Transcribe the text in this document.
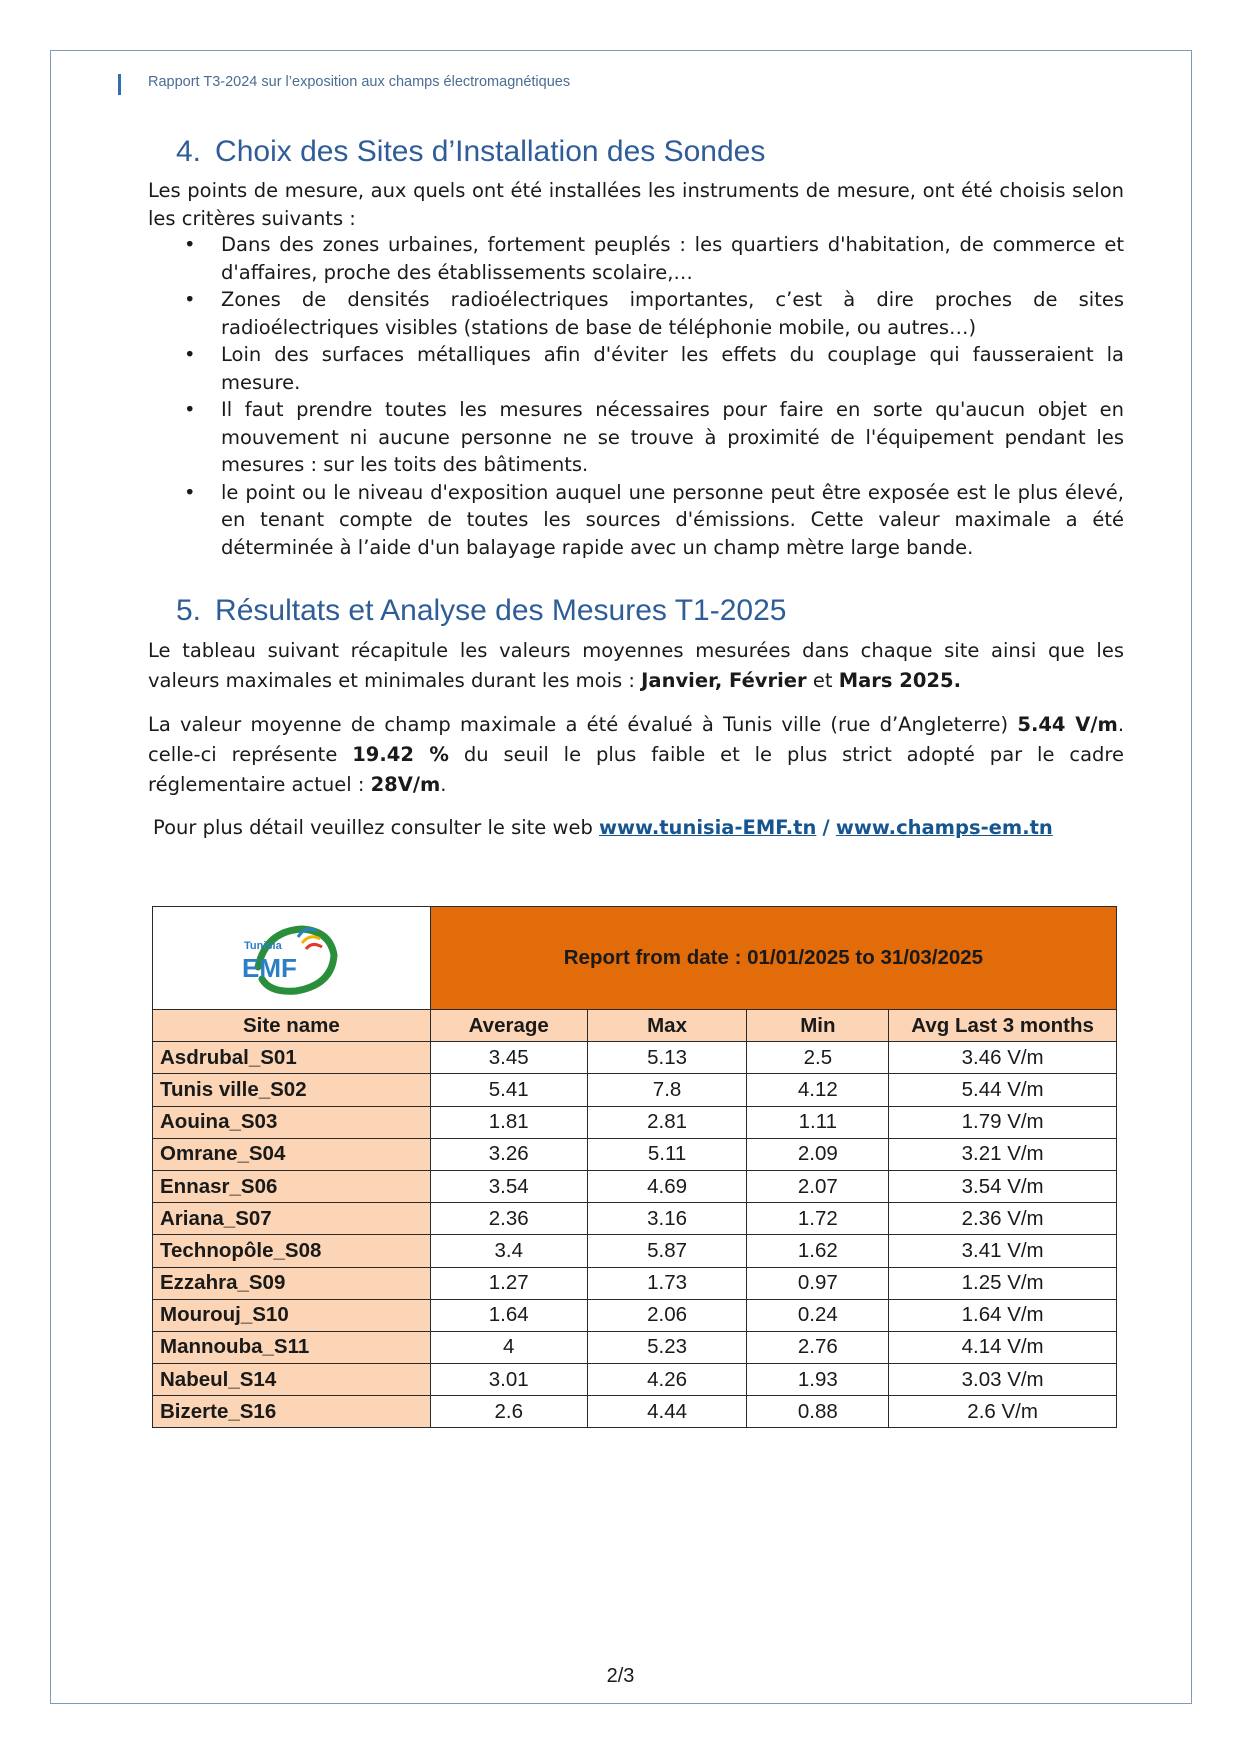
Rapport T3-2024 sur l’exposition aux champs électromagnétiques
4. Choix des Sites d’Installation des Sondes
Les points de mesure, aux quels ont été installées les instruments de mesure, ont été choisis selon les critères suivants :
• Dans des zones urbaines, fortement peuplés : les quartiers d'habitation, de commerce et d'affaires, proche des établissements scolaire,…
• Zones de densités radioélectriques importantes, c’est à dire proches de sites radioélectriques visibles (stations de base de téléphonie mobile, ou autres…)
• Loin des surfaces métalliques afin d'éviter les effets du couplage qui fausseraient la mesure.
• Il faut prendre toutes les mesures nécessaires pour faire en sorte qu'aucun objet en mouvement ni aucune personne ne se trouve à proximité de l'équipement pendant les mesures : sur les toits des bâtiments.
• le point ou le niveau d'exposition auquel une personne peut être exposée est le plus élevé, en tenant compte de toutes les sources d'émissions. Cette valeur maximale a été déterminée à l’aide d'un balayage rapide avec un champ mètre large bande.
5. Résultats et Analyse des Mesures T1-2025
Le tableau suivant récapitule les valeurs moyennes mesurées dans chaque site ainsi que les valeurs maximales et minimales durant les mois : Janvier, Février et Mars 2025.
La valeur moyenne de champ maximale a été évalué à Tunis ville (rue d’Angleterre) 5.44 V/m. celle-ci représente 19.42 % du seuil le plus faible et le plus strict adopté par le cadre réglementaire actuel : 28V/m.
Pour plus détail veuillez consulter le site web www.tunisia-EMF.tn / www.champs-em.tn
Tunisia
EMF	Report from date : 01/01/2025 to 31/03/2025			
Site name	Average	Max	Min	Avg Last 3 months
Asdrubal_S01	3.45	5.13	2.5	3.46 V/m
Tunis ville_S02	5.41	7.8	4.12	5.44 V/m
Aouina_S03	1.81	2.81	1.11	1.79 V/m
Omrane_S04	3.26	5.11	2.09	3.21 V/m
Ennasr_S06	3.54	4.69	2.07	3.54 V/m
Ariana_S07	2.36	3.16	1.72	2.36 V/m
Technopôle_S08	3.4	5.87	1.62	3.41 V/m
Ezzahra_S09	1.27	1.73	0.97	1.25 V/m
Mourouj_S10	1.64	2.06	0.24	1.64 V/m
Mannouba_S11	4	5.23	2.76	4.14 V/m
Nabeul_S14	3.01	4.26	1.93	3.03 V/m
Bizerte_S16	2.6	4.44	0.88	2.6 V/m
2/3
